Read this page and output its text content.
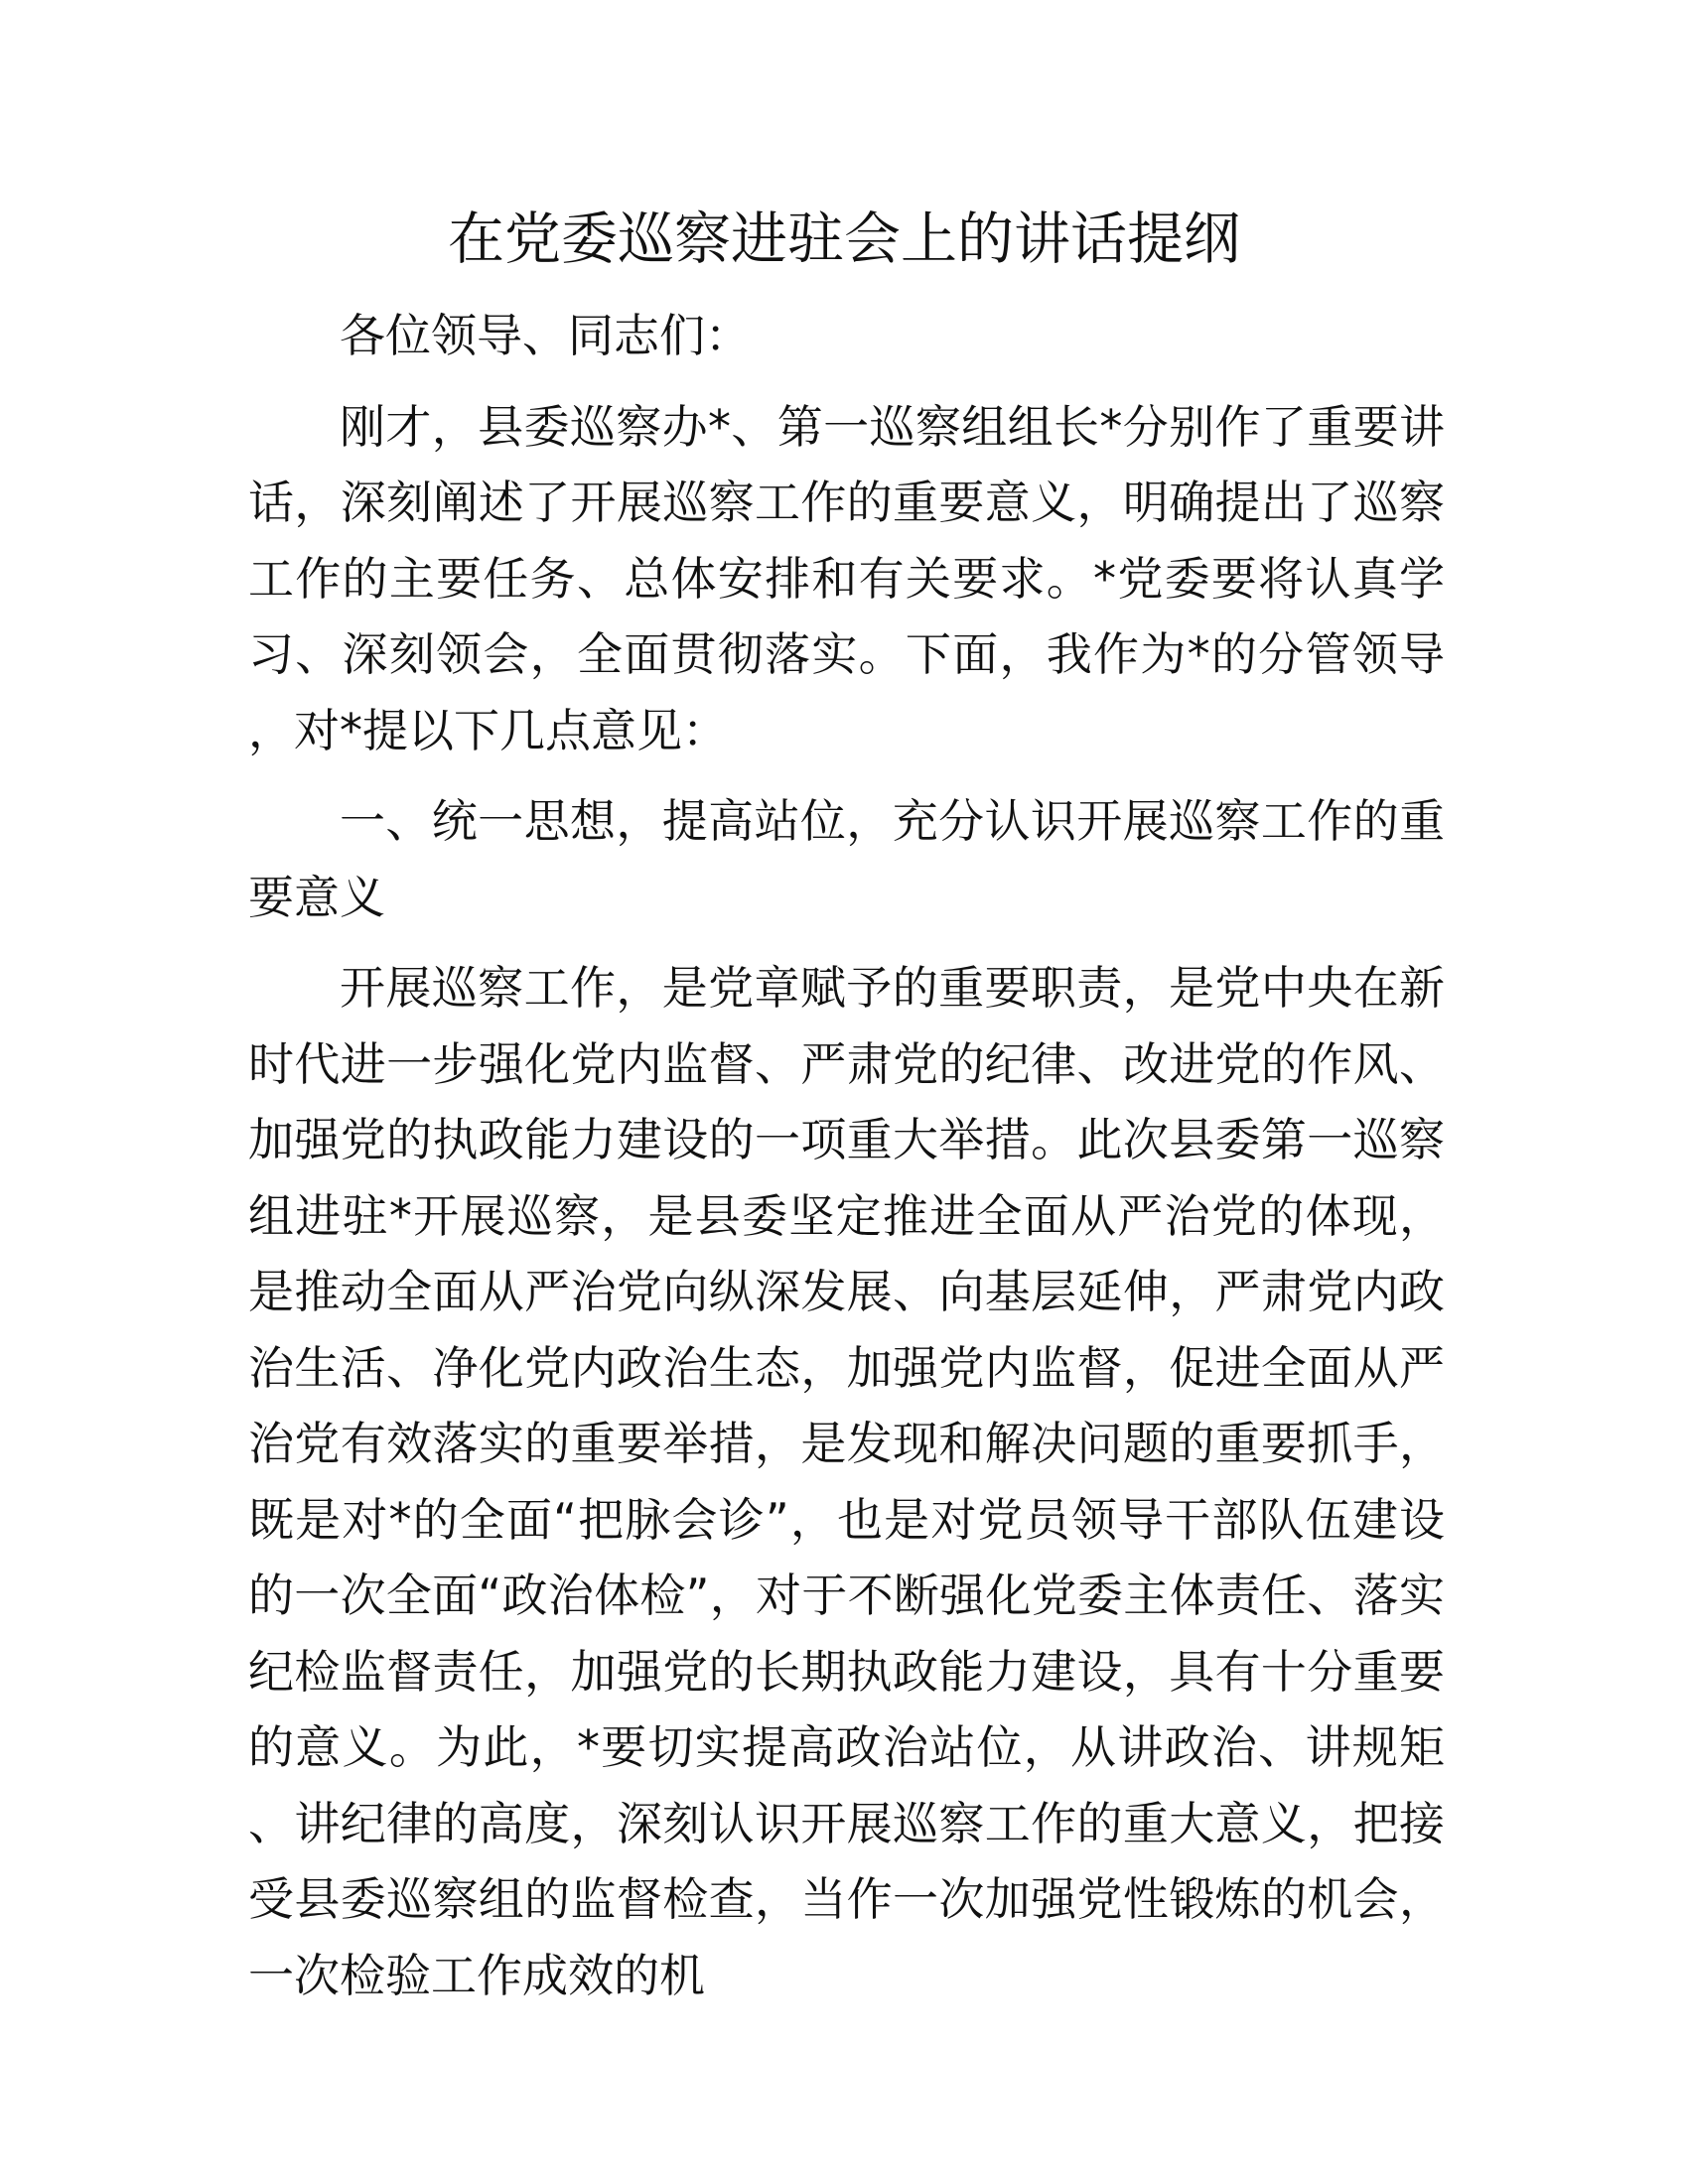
在党委巡察进驻会上的讲话提纲

各位领导、同志们：

刚才，县委巡察办*、第一巡察组组长*分别作了重要讲话，深刻阐述了开展巡察工作的重要意义，明确提出了巡察工作的主要任务、总体安排和有关要求。*党委要将认真学习、深刻领会，全面贯彻落实。下面，我作为*的分管领导，对*提以下几点意见：

一、统一思想，提高站位，充分认识开展巡察工作的重要意义

开展巡察工作，是党章赋予的重要职责，是党中央在新时代进一步强化党内监督、严肃党的纪律、改进党的作风、加强党的执政能力建设的一项重大举措。此次县委第一巡察组进驻*开展巡察，是县委坚定推进全面从严治党的体现，是推动全面从严治党向纵深发展、向基层延伸，严肃党内政治生活、净化党内政治生态，加强党内监督，促进全面从严治党有效落实的重要举措，是发现和解决问题的重要抓手，既是对*的全面“把脉会诊”，也是对党员领导干部队伍建设的一次全面“政治体检”，对于不断强化党委主体责任、落实纪检监督责任，加强党的长期执政能力建设，具有十分重要的意义。为此，*要切实提高政治站位，从讲政治、讲规矩、讲纪律的高度，深刻认识开展巡察工作的重大意义，把接受县委巡察组的监督检查，当作一次加强党性锻炼的机会，一次检验工作成效的机
